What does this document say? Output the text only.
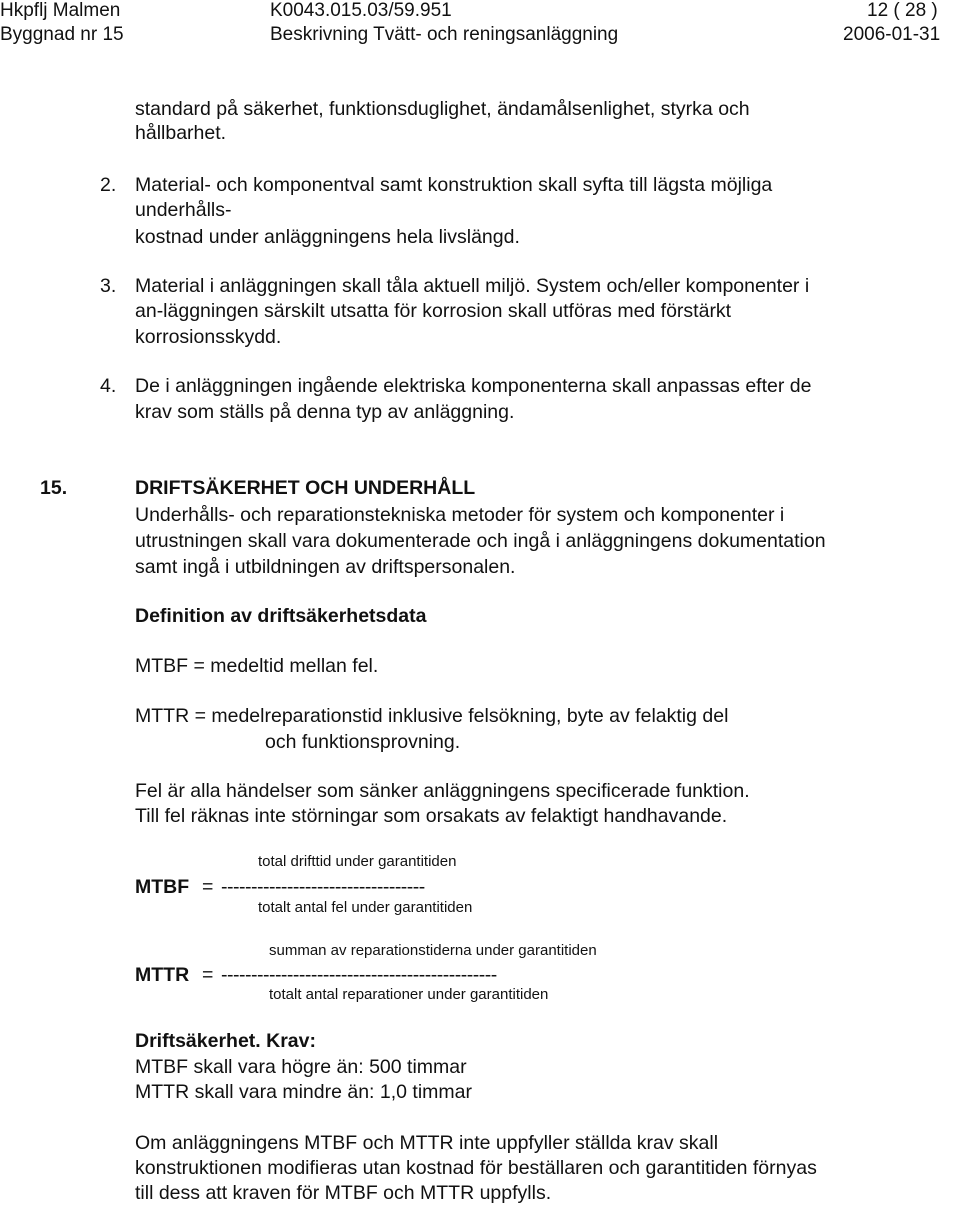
Hkpflj Malmen	K0043.015.03/59.951	12 ( 28 )
Byggnad nr 15	Beskrivning Tvätt- och reningsanläggning	2006-01-31
standard på säkerhet, funktionsduglighet, ändamålsenlighet, styrka och
hållbarhet.
2. Material- och komponentval samt konstruktion skall syfta till lägsta möjliga
underhålls-
kostnad under anläggningens hela livslängd.
3. Material i anläggningen skall tåla aktuell miljö. System och/eller komponenter i
an-läggningen särskilt utsatta för korrosion skall utföras med förstärkt
korrosionsskydd.
4. De i anläggningen ingående elektriska komponenterna skall anpassas efter de
krav som ställs på denna typ av anläggning.
15.	DRIFTSÄKERHET OCH UNDERHÅLL
Underhålls- och reparationstekniska metoder för system och komponenter i
utrustningen skall vara dokumenterade och ingå i anläggningens dokumentation
samt ingå i utbildningen av driftspersonalen.
Definition av driftsäkerhetsdata
MTBF = medeltid mellan fel.
MTTR = medelreparationstid inklusive felsökning, byte av felaktig del
och funktionsprovning.
Fel är alla händelser som sänker anläggningens specificerade funktion.
Till fel räknas inte störningar som orsakats av felaktigt handhavande.
total drifttid under garantitiden
MTBF = ----------------------------------
totalt antal fel under garantitiden
summan av reparationstiderna under garantitiden
MTTR = ----------------------------------------------
totalt antal reparationer under garantitiden
Driftsäkerhet. Krav:
MTBF skall vara högre än: 500 timmar
MTTR skall vara mindre än: 1,0 timmar
Om anläggningens MTBF och MTTR inte uppfyller ställda krav skall
konstruktionen modifieras utan kostnad för beställaren och garantitiden förnyas
till dess att kraven för MTBF och MTTR uppfylls.
